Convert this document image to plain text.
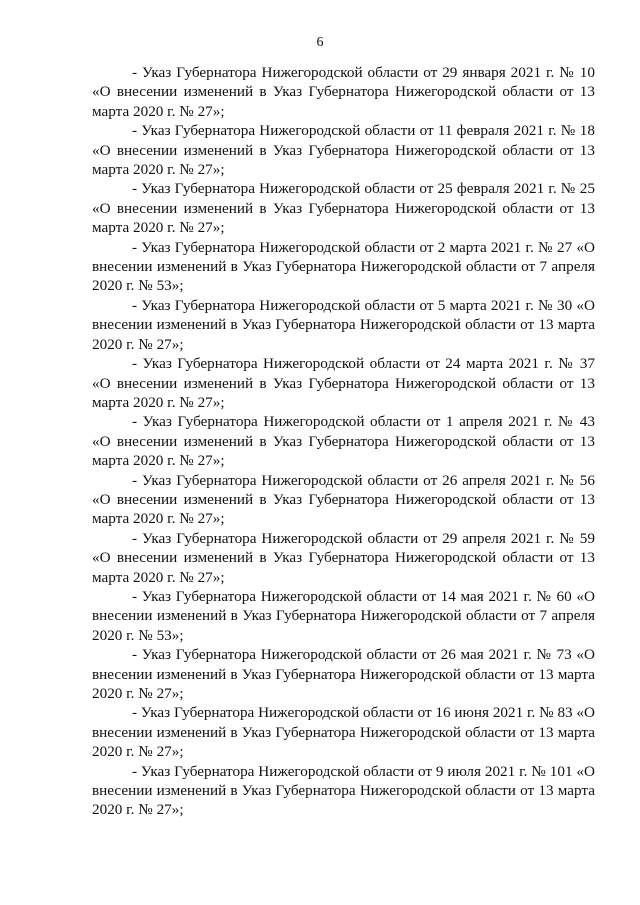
6

- Указ Губернатора Нижегородской области от 29 января 2021 г. № 10 «О внесении изменений в Указ Губернатора Нижегородской области от 13 марта 2020 г. № 27»;

- Указ Губернатора Нижегородской области от 11 февраля 2021 г. № 18 «О внесении изменений в Указ Губернатора Нижегородской области от 13 марта 2020 г. № 27»;

- Указ Губернатора Нижегородской области от 25 февраля 2021 г. № 25 «О внесении изменений в Указ Губернатора Нижегородской области от 13 марта 2020 г. № 27»;

- Указ Губернатора Нижегородской области от 2 марта 2021 г. № 27 «О внесении изменений в Указ Губернатора Нижегородской области от 7 апреля 2020 г. № 53»;

- Указ Губернатора Нижегородской области от 5 марта 2021 г. № 30 «О внесении изменений в Указ Губернатора Нижегородской области от 13 марта 2020 г. № 27»;

- Указ Губернатора Нижегородской области от 24 марта 2021 г. № 37 «О внесении изменений в Указ Губернатора Нижегородской области от 13 марта 2020 г. № 27»;

- Указ Губернатора Нижегородской области от 1 апреля 2021 г. № 43 «О внесении изменений в Указ Губернатора Нижегородской области от 13 марта 2020 г. № 27»;

- Указ Губернатора Нижегородской области от 26 апреля 2021 г. № 56 «О внесении изменений в Указ Губернатора Нижегородской области от 13 марта 2020 г. № 27»;

- Указ Губернатора Нижегородской области от 29 апреля 2021 г. № 59 «О внесении изменений в Указ Губернатора Нижегородской области от 13 марта 2020 г. № 27»;

- Указ Губернатора Нижегородской области от 14 мая 2021 г. № 60 «О внесении изменений в Указ Губернатора Нижегородской области от 7 апреля 2020 г. № 53»;

- Указ Губернатора Нижегородской области от 26 мая 2021 г. № 73 «О внесении изменений в Указ Губернатора Нижегородской области от 13 марта 2020 г. № 27»;

- Указ Губернатора Нижегородской области от 16 июня 2021 г. № 83 «О внесении изменений в Указ Губернатора Нижегородской области от 13 марта 2020 г. № 27»;

- Указ Губернатора Нижегородской области от 9 июля 2021 г. № 101 «О внесении изменений в Указ Губернатора Нижегородской области от 13 марта 2020 г. № 27»;
